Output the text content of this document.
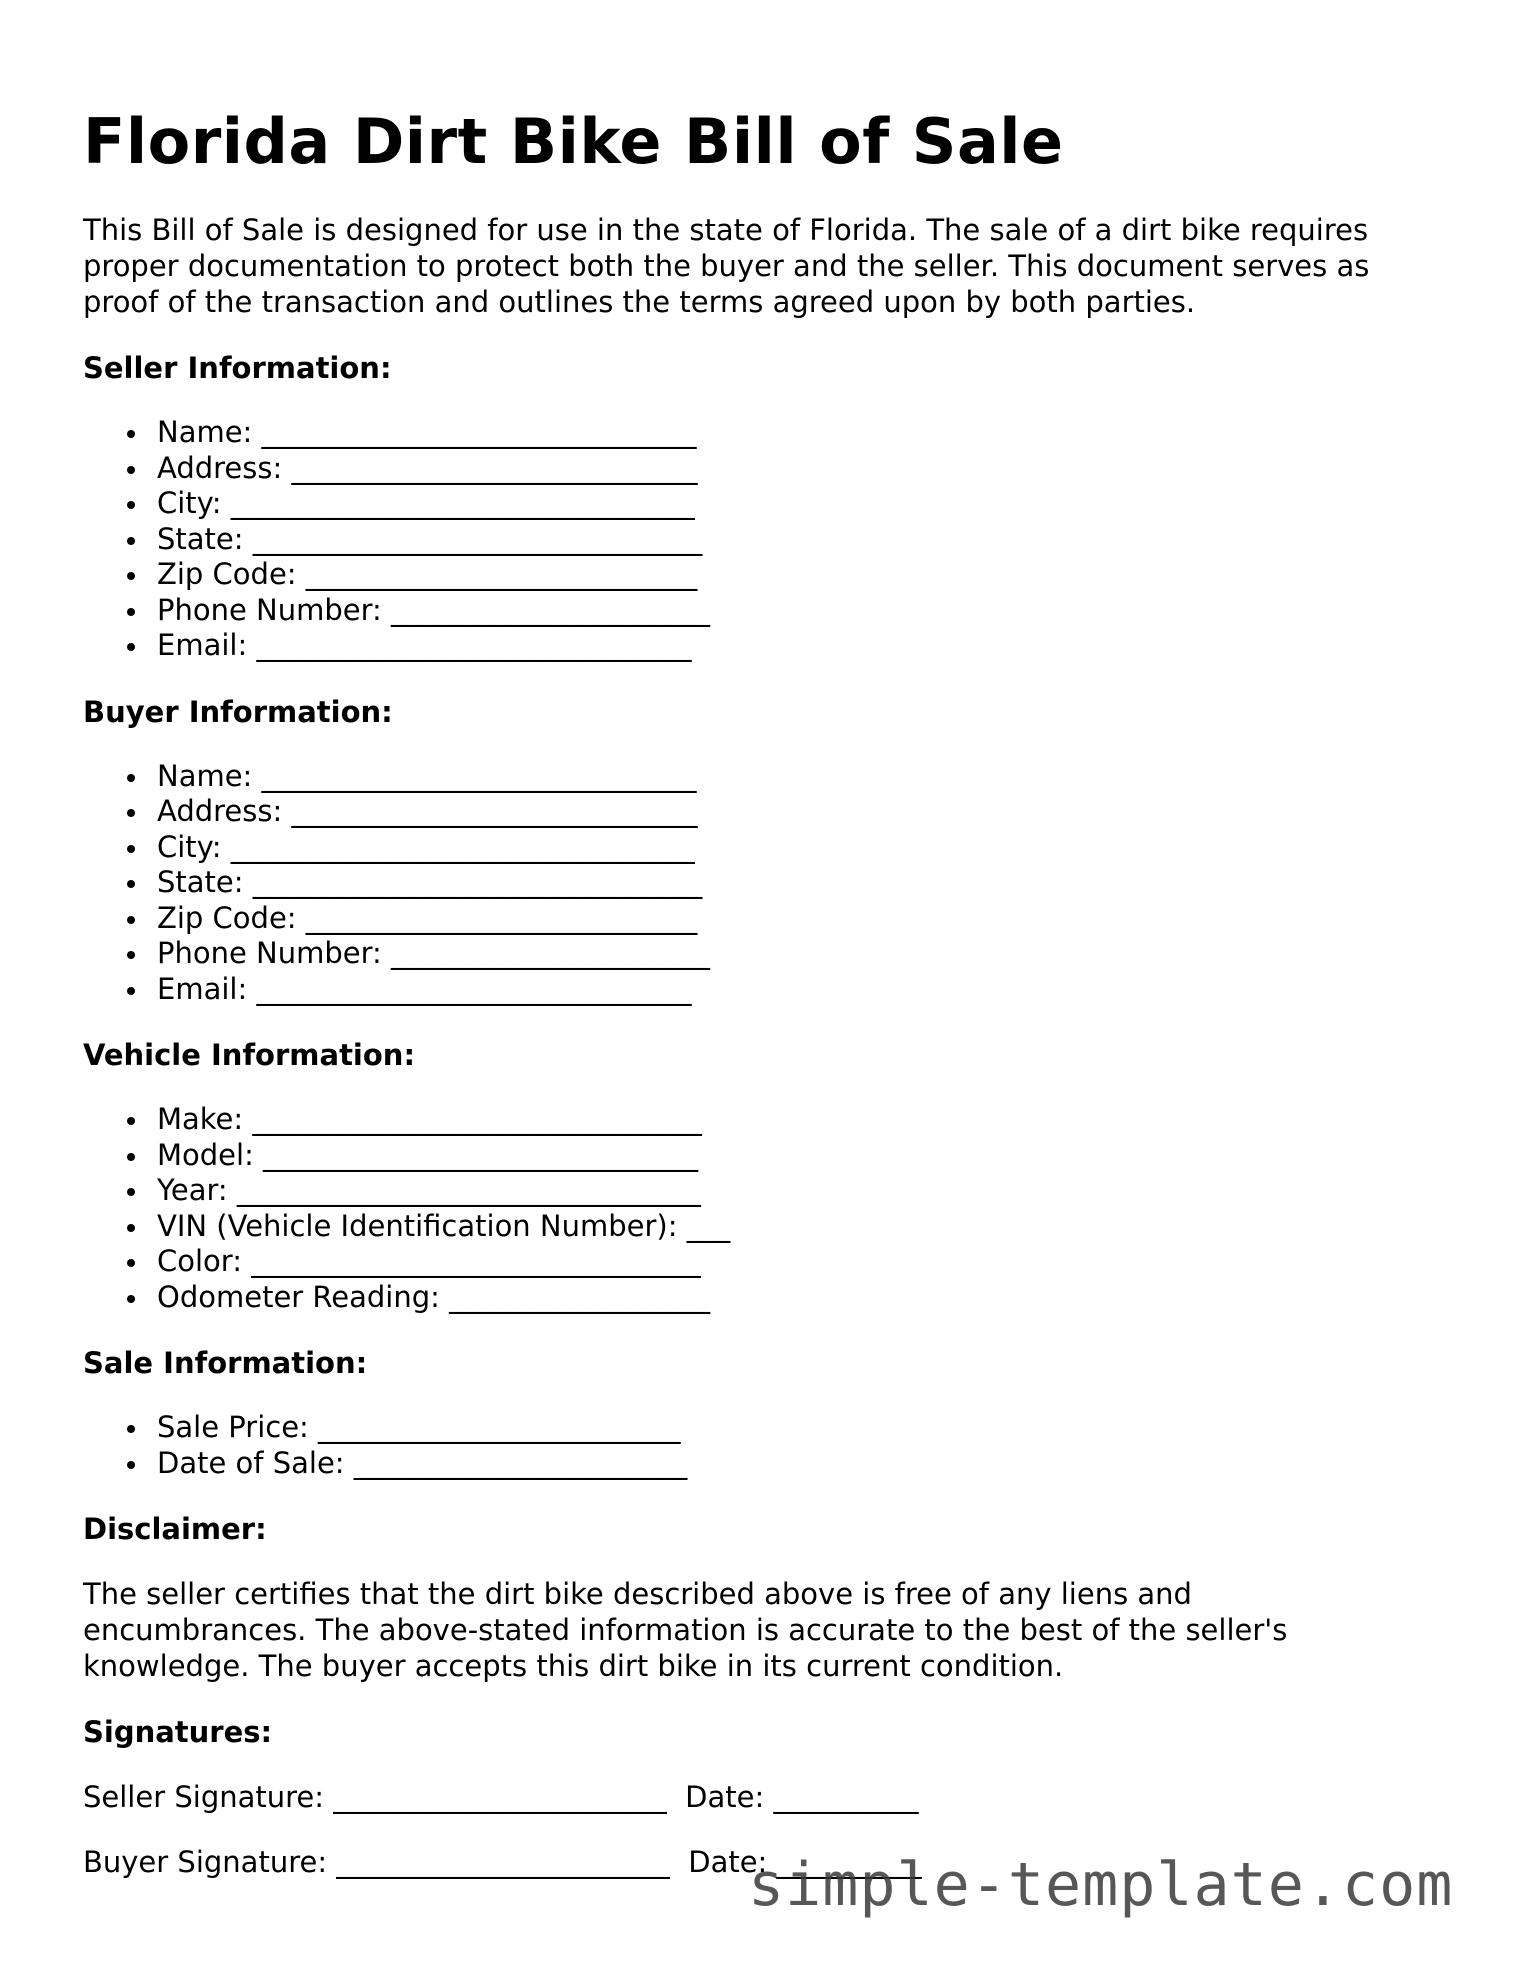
Florida Dirt Bike Bill of Sale

This Bill of Sale is designed for use in the state of Florida. The sale of a dirt bike requires proper documentation to protect both the buyer and the seller. This document serves as proof of the transaction and outlines the terms agreed upon by both parties.

Seller Information:
Name: ______________________________
Address: ____________________________
City: ________________________________
State: _______________________________
Zip Code: ___________________________
Phone Number: ______________________
Email: ______________________________
Buyer Information:
Name: ______________________________
Address: ____________________________
City: ________________________________
State: _______________________________
Zip Code: ___________________________
Phone Number: ______________________
Email: ______________________________
Vehicle Information:
Make: _______________________________
Model: ______________________________
Year: ________________________________
VIN (Vehicle Identification Number): ___
Color: _______________________________
Odometer Reading: __________________
Sale Information:
Sale Price: _________________________
Date of Sale: _______________________
Disclaimer:

The seller certifies that the dirt bike described above is free of any liens and encumbrances. The above-stated information is accurate to the best of the seller's knowledge. The buyer accepts this dirt bike in its current condition.

Signatures:

Seller Signature: _______________________  Date: __________

Buyer Signature: _______________________  Date: __________

simple-template.com
